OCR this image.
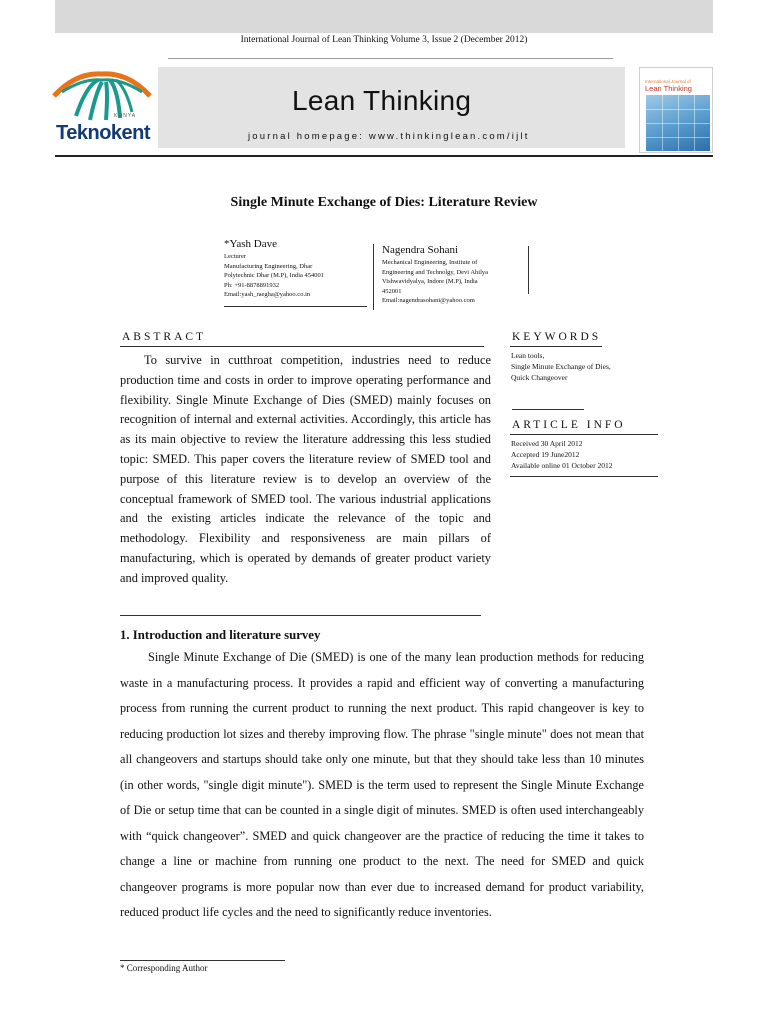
International Journal of Lean Thinking Volume 3, Issue 2 (December 2012)
KONYA
Teknokent
Lean Thinking
journal homepage: www.thinkinglean.com/ijlt
International Journal of
Lean Thinking
Single Minute Exchange of Dies: Literature Review
*Yash Dave
Lecturer
Manufacturing Engineering, Dhar
Polytechnic Dhar (M.P), India 454001
Ph: +91-8878891932
Email:yash_raegha@yahoo.co.in
Nagendra Sohani
Mechanical Engineering, Institute of
Engineering and Technolgy, Devi Ahilya
Vishwavidyalya, Indore (M.P), India
452001
Email:nagendrasohani@yahoo.com
ABSTRACT
To survive in cutthroat competition, industries need to reduce production time and costs in order to improve operating performance and flexibility. Single Minute Exchange of Dies (SMED) mainly focuses on recognition of internal and external activities. Accordingly, this article has as its main objective to review the literature addressing this less studied topic: SMED. This paper covers the literature review of SMED tool and purpose of this literature review is to develop an overview of the conceptual framework of SMED tool. The various industrial applications and the existing articles indicate the relevance of the topic and methodology. Flexibility and responsiveness are main pillars of manufacturing, which is operated by demands of greater product variety and improved quality.
KEYWORDS
Lean tools,
Single Minute Exchange of Dies,
Quick Changeover
ARTICLE INFO
Received 30 April 2012
Accepted 19 June2012
Available online 01 October 2012
1. Introduction and literature survey
Single Minute Exchange of Die (SMED) is one of the many lean production methods for reducing waste in a manufacturing process. It provides a rapid and efficient way of converting a manufacturing process from running the current product to running the next product. This rapid changeover is key to reducing production lot sizes and thereby improving flow. The phrase "single minute" does not mean that all changeovers and startups should take only one minute, but that they should take less than 10 minutes (in other words, "single digit minute"). SMED is the term used to represent the Single Minute Exchange of Die or setup time that can be counted in a single digit of minutes. SMED is often used interchangeably with “quick changeover”. SMED and quick changeover are the practice of reducing the time it takes to change a line or machine from running one product to the next. The need for SMED and quick changeover programs is more popular now than ever due to increased demand for product variability, reduced product life cycles and the need to significantly reduce inventories.
* Corresponding Author
